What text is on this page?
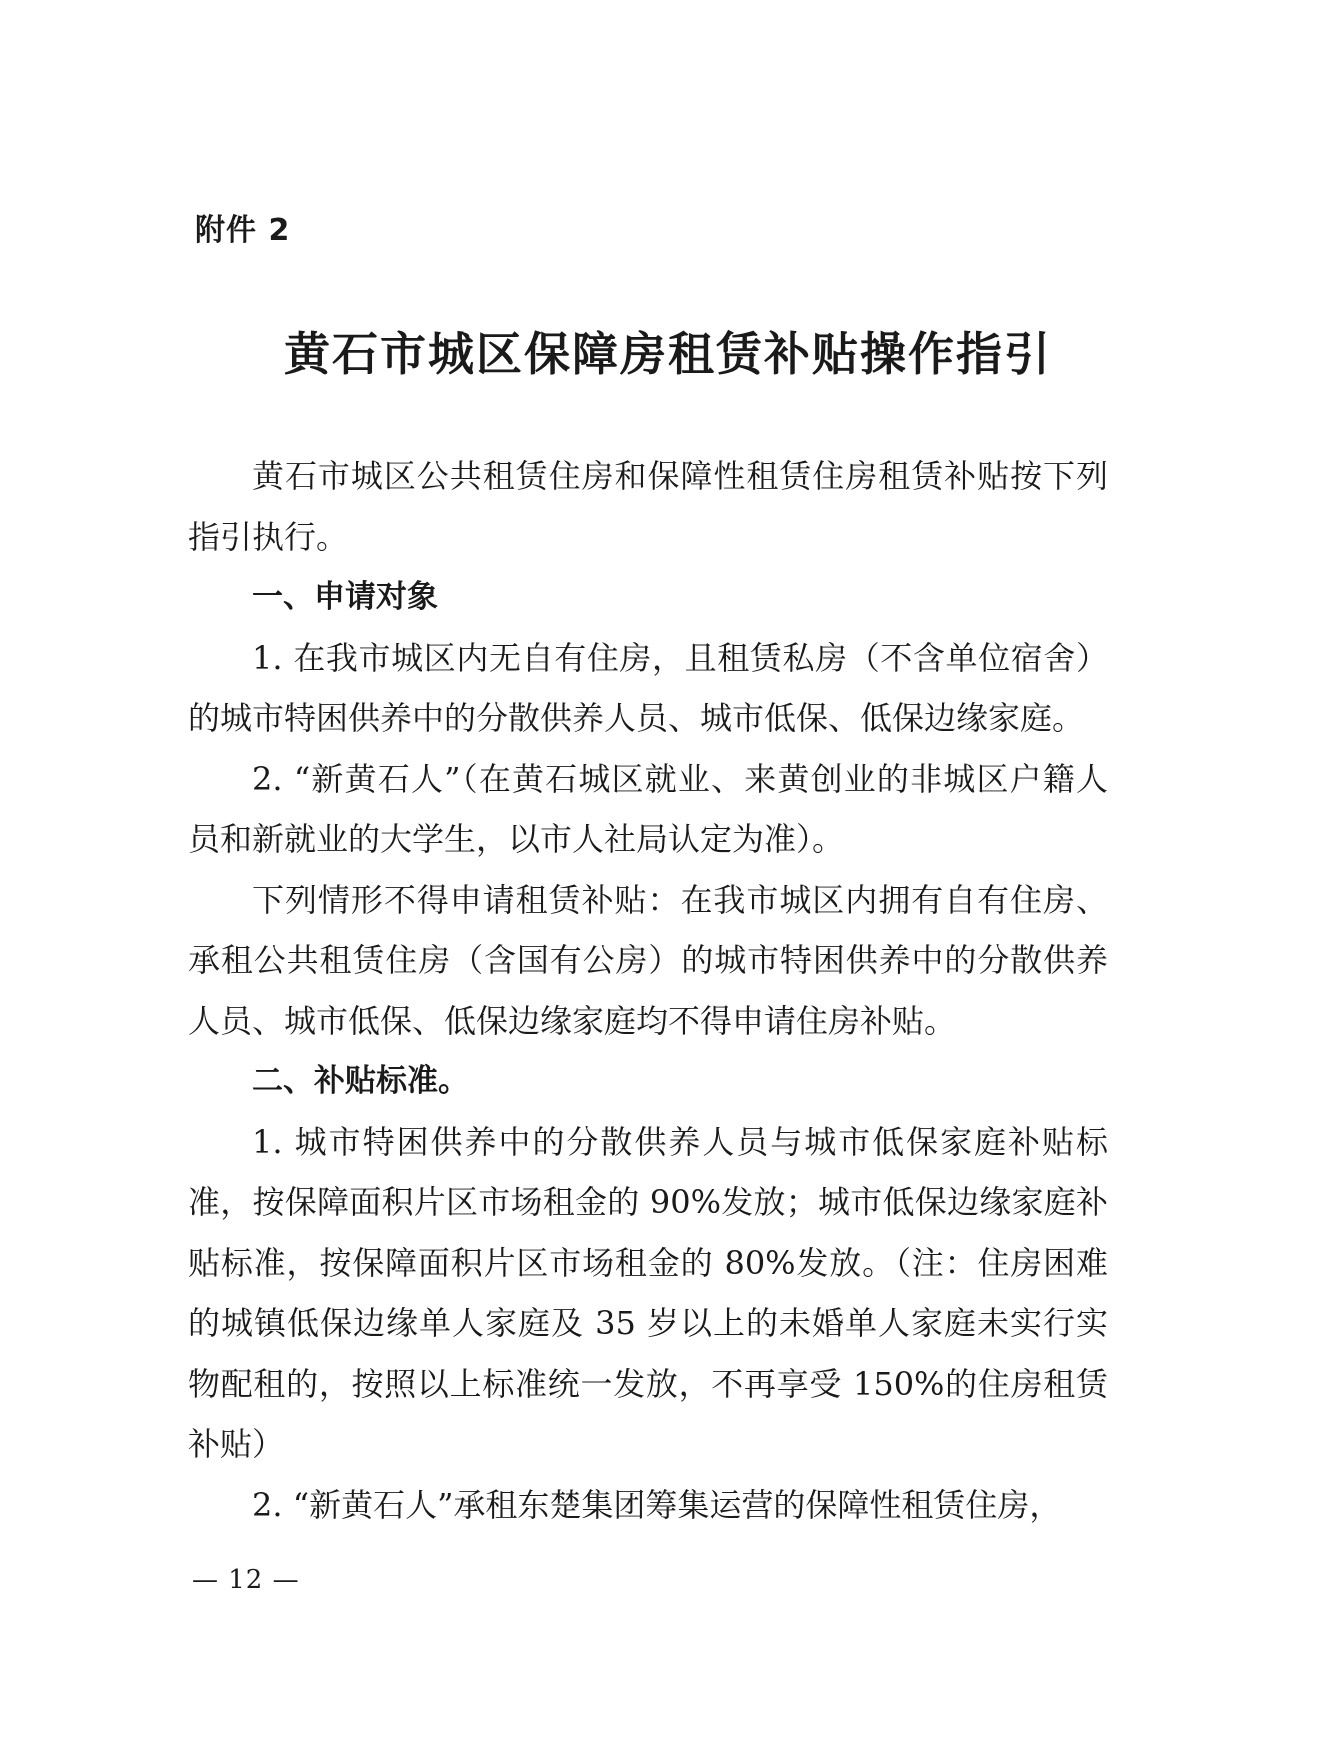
附件 2
黄石市城区保障房租赁补贴操作指引

黄石市城区公共租赁住房和保障性租赁住房租赁补贴按下列指引执行。

一、申请对象

1. 在我市城区内无自有住房，且租赁私房（不含单位宿舍）的城市特困供养中的分散供养人员、城市低保、低保边缘家庭。

2. “新黄石人”（在黄石城区就业、来黄创业的非城区户籍人员和新就业的大学生，以市人社局认定为准）。

下列情形不得申请租赁补贴：在我市城区内拥有自有住房、承租公共租赁住房（含国有公房）的城市特困供养中的分散供养人员、城市低保、低保边缘家庭均不得申请住房补贴。

二、补贴标准。

1. 城市特困供养中的分散供养人员与城市低保家庭补贴标准，按保障面积片区市场租金的 90%发放；城市低保边缘家庭补贴标准，按保障面积片区市场租金的 80%发放。（注：住房困难的城镇低保边缘单人家庭及 35 岁以上的未婚单人家庭未实行实物配租的，按照以上标准统一发放，不再享受 150%的住房租赁补贴）

2. “新黄石人”承租东楚集团筹集运营的保障性租赁住房，

— 12 —
